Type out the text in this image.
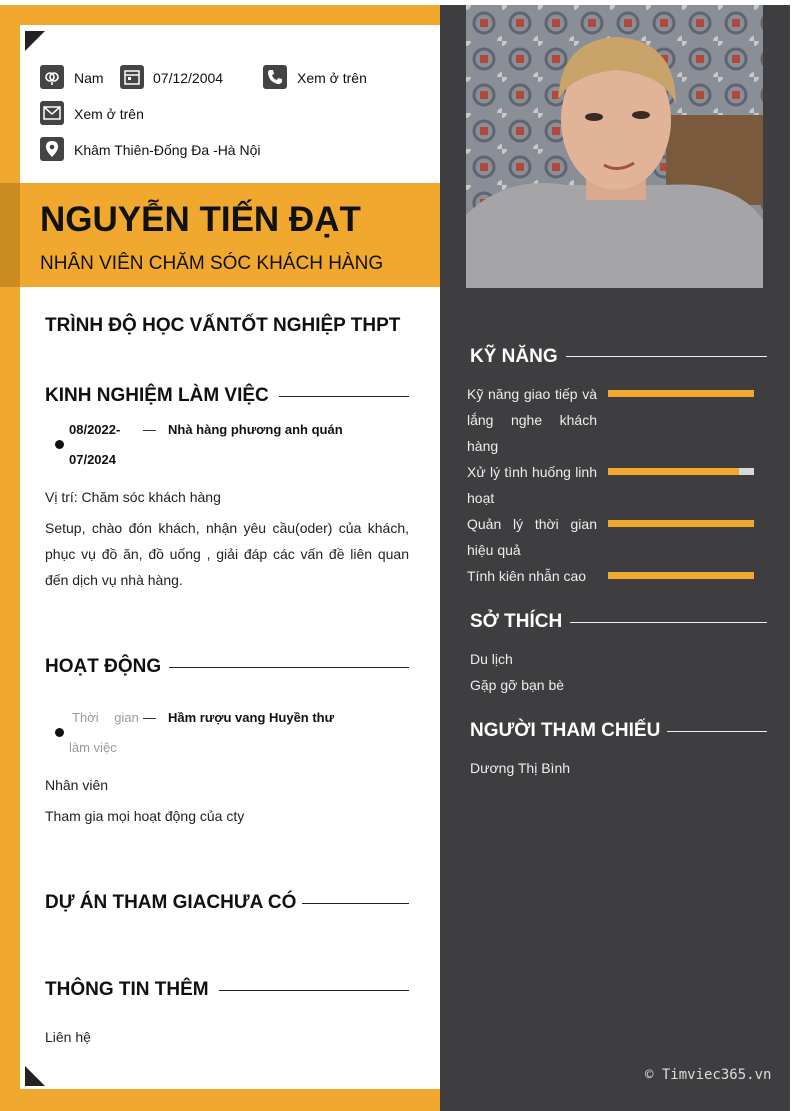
Nam	07/12/2004	Xem ở trên
Xem ở trên
Khâm Thiên-Đống Đa -Hà Nội
NGUYỄN TIẾN ĐẠT
NHÂN VIÊN CHĂM SÓC KHÁCH HÀNG
TRÌNH ĐỘ HỌC VẤNTỐT NGHIỆP THPT
KINH NGHIỆM LÀM VIỆC
08/2022-
07/2024
— Nhà hàng phương anh quán
Vị trí: Chăm sóc khách hàng
Setup, chào đón khách, nhận yêu cầu(oder) của khách, phục vụ đồ ăn, đồ uống , giải đáp các vấn đề liên quan đến dịch vụ nhà hàng.
HOẠT ĐỘNG
Thời gian
làm việc
— Hầm rượu vang Huyền thư
Nhân viên
Tham gia mọi hoạt động của cty
DỰ ÁN THAM GIACHƯA CÓ
THÔNG TIN THÊM
Liên hệ
KỸ NĂNG
Kỹ năng giao tiếp và lắng nghe khách hàng
Xử lý tình huống linh hoạt
Quản lý thời gian hiệu quả
Tính kiên nhẫn cao
SỞ THÍCH
Du lịch
Gặp gỡ bạn bè
NGƯỜI THAM CHIẾU
Dương Thị Bình
© Timviec365.vn
